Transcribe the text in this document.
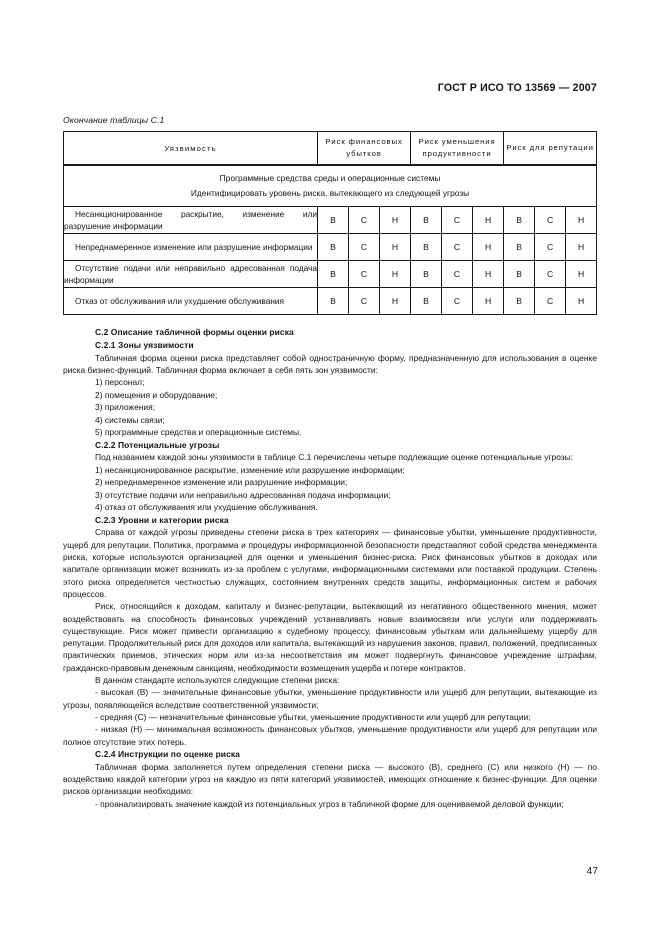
ГОСТ Р ИСО ТО 13569 — 2007
Окончание таблицы С.1
Уязвимость	Риск финансовых убытков			Риск уменьшения продуктивности			Риск для репутации		

Программные средства среды и операционные системы
Идентифицировать уровень риска, вытекающего из следующей угрозы									

Несанкционированное раскрытие, изменение или разрушение информации	В	С	Н	В	С	Н	В	С	Н
Непреднамеренное изменение или разрушение информации	В	С	Н	В	С	Н	В	С	Н
Отсутствие подачи или неправильно адресованная подача информации	В	С	Н	В	С	Н	В	С	Н
Отказ от обслуживания или ухудшение обслуживания	В	С	Н	В	С	Н	В	С	Н
С.2 Описание табличной формы оценки риска
С.2.1 Зоны уязвимости

Табличная форма оценки риска представляет собой одностраничную форму, предназначенную для использования в оценке риска бизнес-функций. Табличная форма включает в себя пять зон уязвимости:

1) персонал;
2) помещения и оборудование;
3) приложения;
4) системы связи;
5) программные средства и операционные системы.
С.2.2 Потенциальные угрозы

Под названием каждой зоны уязвимости в таблице С.1 перечислены четыре подлежащие оценке потенциальные угрозы:

1) несанкционированное раскрытие, изменение или разрушение информации;
2) непреднамеренное изменение или разрушение информации;
3) отсутствие подачи или неправильно адресованная подача информации;
4) отказ от обслуживания или ухудшение обслуживания.
С.2.3 Уровни и категории риска

Справа от каждой угрозы приведены степени риска в трех категориях — финансовые убытки, уменьшение продуктивности, ущерб для репутации. Политика, программа и процедуры информационной безопасности представляют собой средства менеджмента риска, которые используются организацией для оценки и уменьшения бизнес-риска. Риск финансовых убытков в доходах или капитале организации может возникать из-за проблем с услугами, информационными системами или поставкой продукции. Степень этого риска определяется честностью служащих, состоянием внутренних средств защиты, информационных систем и рабочих процессов.

Риск, относящийся к доходам, капиталу и бизнес-репутации, вытекающий из негативного общественного мнения, может воздействовать на способность финансовых учреждений устанавливать новые взаимосвязи или услуги или поддерживать существующие. Риск может привести организацию к судебному процессу, финансовым убыткам или дальнейшему ущербу для репутации. Продолжительный риск для доходов или капитала, вытекающий из нарушения законов, правил, положений, предписанных практических приемов, этических норм или из-за несоответствия им может подвергнуть финансовое учреждение штрафам, гражданско-правовым денежным санкциям, необходимости возмещения ущерба и потере контрактов.

В данном стандарте используются следующие степени риска:

- высокая (В) — значительные финансовые убытки, уменьшение продуктивности или ущерб для репутации, вытекающие из угрозы, появляющейся вследствие соответственной уязвимости;

- средняя (С) — незначительные финансовые убытки, уменьшение продуктивности или ущерб для репутации;

- низкая (Н) — минимальная возможность финансовых убытков, уменьшение продуктивности или ущерб для репутации или полное отсутствие этих потерь.

С.2.4 Инструкции по оценке риска

Табличная форма заполняется путем определения степени риска — высокого (В), среднего (С) или низкого (Н) — по воздействию каждой категории угроз на каждую из пяти категорий уязвимостей, имеющих отношение к бизнес-функции. Для оценки рисков организации необходимо:

- проанализировать значение каждой из потенциальных угроз в табличной форме для оцениваемой деловой функции;

47
